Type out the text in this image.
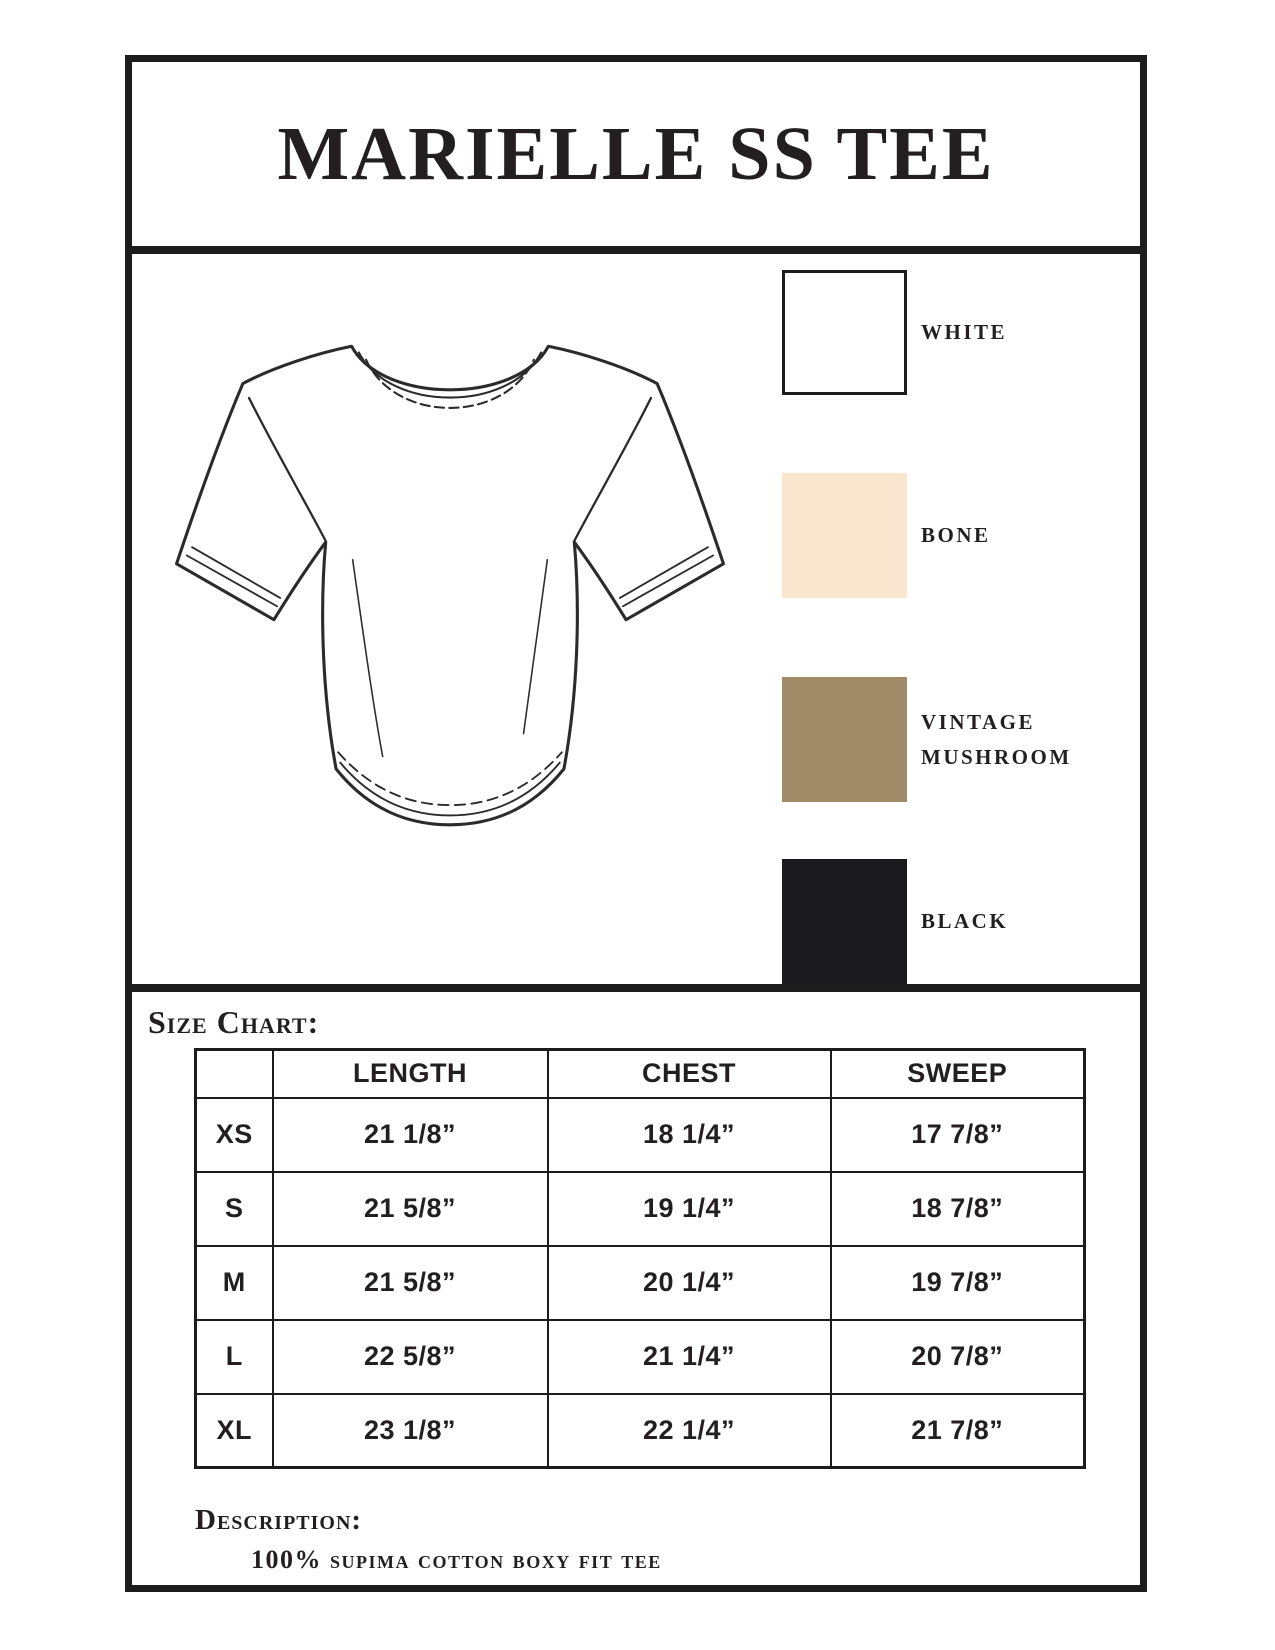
MARIELLE SS TEE
WHITE
BONE
VINTAGE MUSHROOM
BLACK
Size Chart:
	LENGTH	CHEST	SWEEP
XS	21 1/8”	18 1/4”	17 7/8”
S	21 5/8”	19 1/4”	18 7/8”
M	21 5/8”	20 1/4”	19 7/8”
L	22 5/8”	21 1/4”	20 7/8”
XL	23 1/8”	22 1/4”	21 7/8”
Description:
100% supima cotton boxy fit tee
